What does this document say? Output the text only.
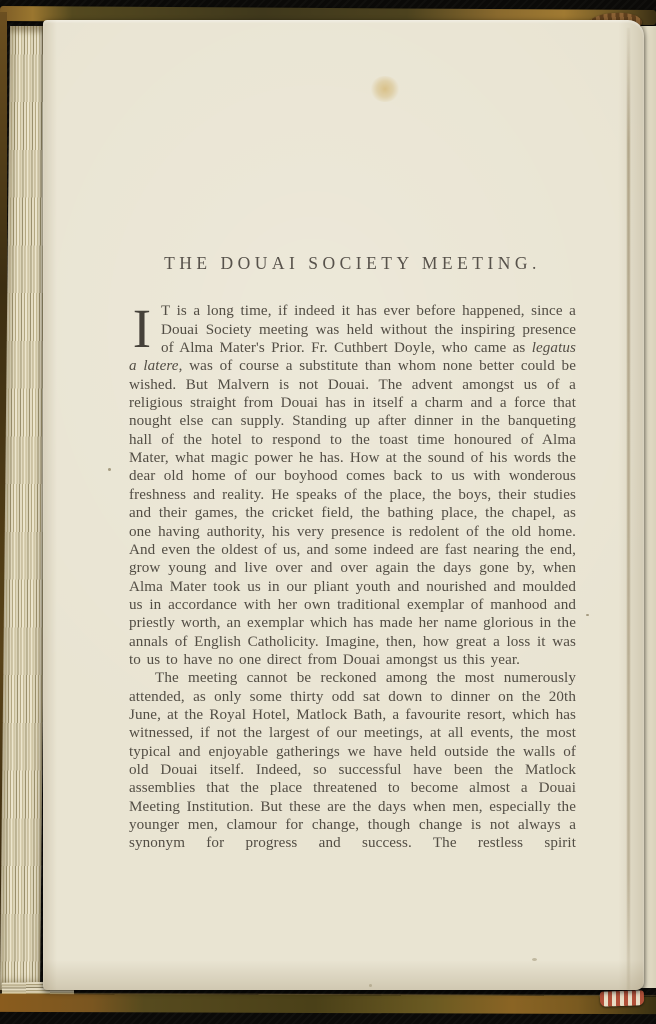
THE DOUAI SOCIETY MEETING.

I T is a long time, if indeed it has ever before happened, since a Douai Society meeting was held without the inspiring presence of Alma Mater's Prior. Fr. Cuthbert Doyle, who came as legatus a latere, was of course a substitute than whom none better could be wished. But Malvern is not Douai. The advent amongst us of a religious straight from Douai has in itself a charm and a force that nought else can supply. Standing up after dinner in the banqueting hall of the hotel to respond to the toast time honoured of Alma Mater, what magic power he has. How at the sound of his words the dear old home of our boyhood comes back to us with wonderous freshness and reality. He speaks of the place, the boys, their studies and their games, the cricket field, the bathing place, the chapel, as one having authority, his very presence is redolent of the old home. And even the oldest of us, and some indeed are fast nearing the end, grow young and live over and over again the days gone by, when Alma Mater took us in our pliant youth and nourished and moulded us in accordance with her own traditional exemplar of manhood and priestly worth, an exemplar which has made her name glorious in the annals of English Catholicity. Imagine, then, how great a loss it was to us to have no one direct from Douai amongst us this year.

The meeting cannot be reckoned among the most numerously attended, as only some thirty odd sat down to dinner on the 20th June, at the Royal Hotel, Matlock Bath, a favourite resort, which has witnessed, if not the largest of our meetings, at all events, the most typical and enjoyable gatherings we have held outside the walls of old Douai itself. Indeed, so successful have been the Matlock assemblies that the place threatened to become almost a Douai Meeting Institution. But these are the days when men, especially the younger men, clamour for change, though change is not always a synonym for progress and success. The restless spirit
